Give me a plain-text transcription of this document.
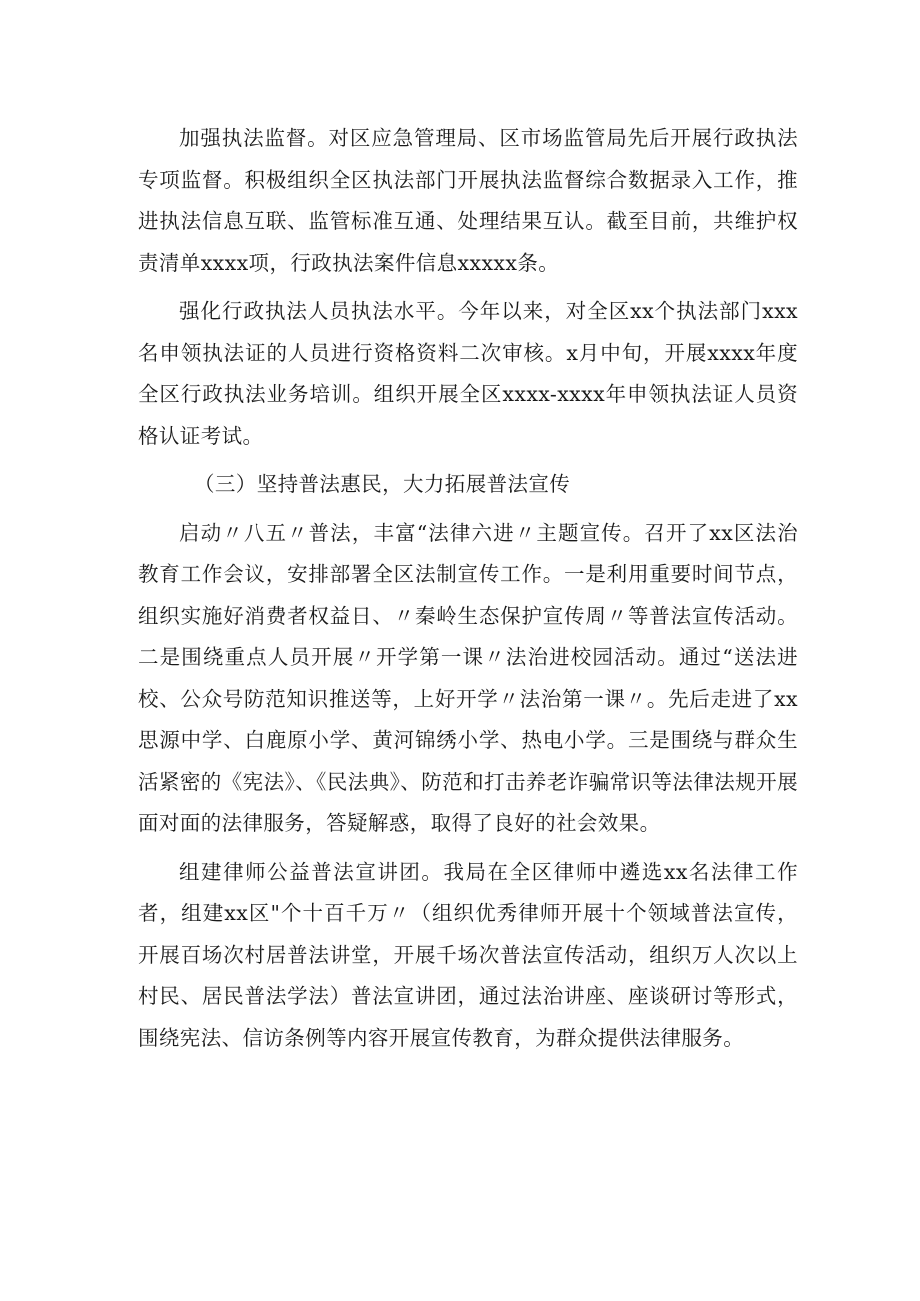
加强执法监督。对区应急管理局、区市场监管局先后开展行政执法专项监督。积极组织全区执法部门开展执法监督综合数据录入工作，推进执法信息互联、监管标准互通、处理结果互认。截至目前，共维护权责清单xxxx项，行政执法案件信息xxxxx条。

强化行政执法人员执法水平。今年以来，对全区xx个执法部门xxx名申领执法证的人员进行资格资料二次审核。x月中旬，开展xxxx年度全区行政执法业务培训。组织开展全区xxxx-xxxx年申领执法证人员资格认证考试。

（三）坚持普法惠民，大力拓展普法宣传

启动〃八五〃普法，丰富“法律六进〃主题宣传。召开了xx区法治教育工作会议，安排部署全区法制宣传工作。一是利用重要时间节点，组织实施好消费者权益日、〃秦岭生态保护宣传周〃等普法宣传活动。二是围绕重点人员开展〃开学第一课〃法治进校园活动。通过“送法进校、公众号防范知识推送等，上好开学〃法治第一课〃。先后走进了xx思源中学、白鹿原小学、黄河锦绣小学、热电小学。三是围绕与群众生活紧密的《宪法》、《民法典》、防范和打击养老诈骗常识等法律法规开展面对面的法律服务，答疑解惑，取得了良好的社会效果。

组建律师公益普法宣讲团。我局在全区律师中遴选xx名法律工作者，组建xx区"个十百千万〃（组织优秀律师开展十个领域普法宣传，开展百场次村居普法讲堂，开展千场次普法宣传活动，组织万人次以上村民、居民普法学法）普法宣讲团，通过法治讲座、座谈研讨等形式，围绕宪法、信访条例等内容开展宣传教育，为群众提供法律服务。
